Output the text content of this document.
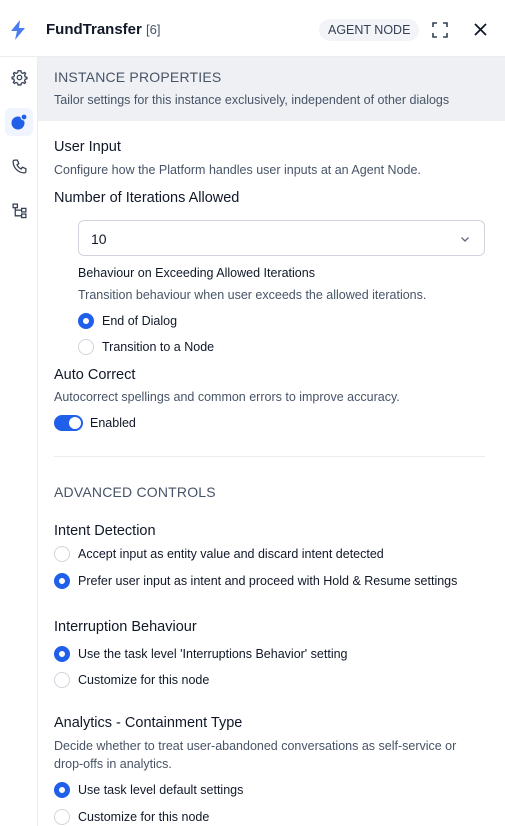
FundTransfer [6]	AGENT NODE
INSTANCE PROPERTIES
Tailor settings for this instance exclusively, independent of other dialogs
User Input
Configure how the Platform handles user inputs at an Agent Node.
Number of Iterations Allowed
10
Behaviour on Exceeding Allowed Iterations
Transition behaviour when user exceeds the allowed iterations.
End of Dialog
Transition to a Node
Auto Correct
Autocorrect spellings and common errors to improve accuracy.
Enabled
ADVANCED CONTROLS
Intent Detection
Accept input as entity value and discard intent detected
Prefer user input as intent and proceed with Hold & Resume settings
Interruption Behaviour
Use the task level 'Interruptions Behavior' setting
Customize for this node
Analytics - Containment Type
Decide whether to treat user-abandoned conversations as self-service or
drop-offs in analytics.
Use task level default settings
Customize for this node
